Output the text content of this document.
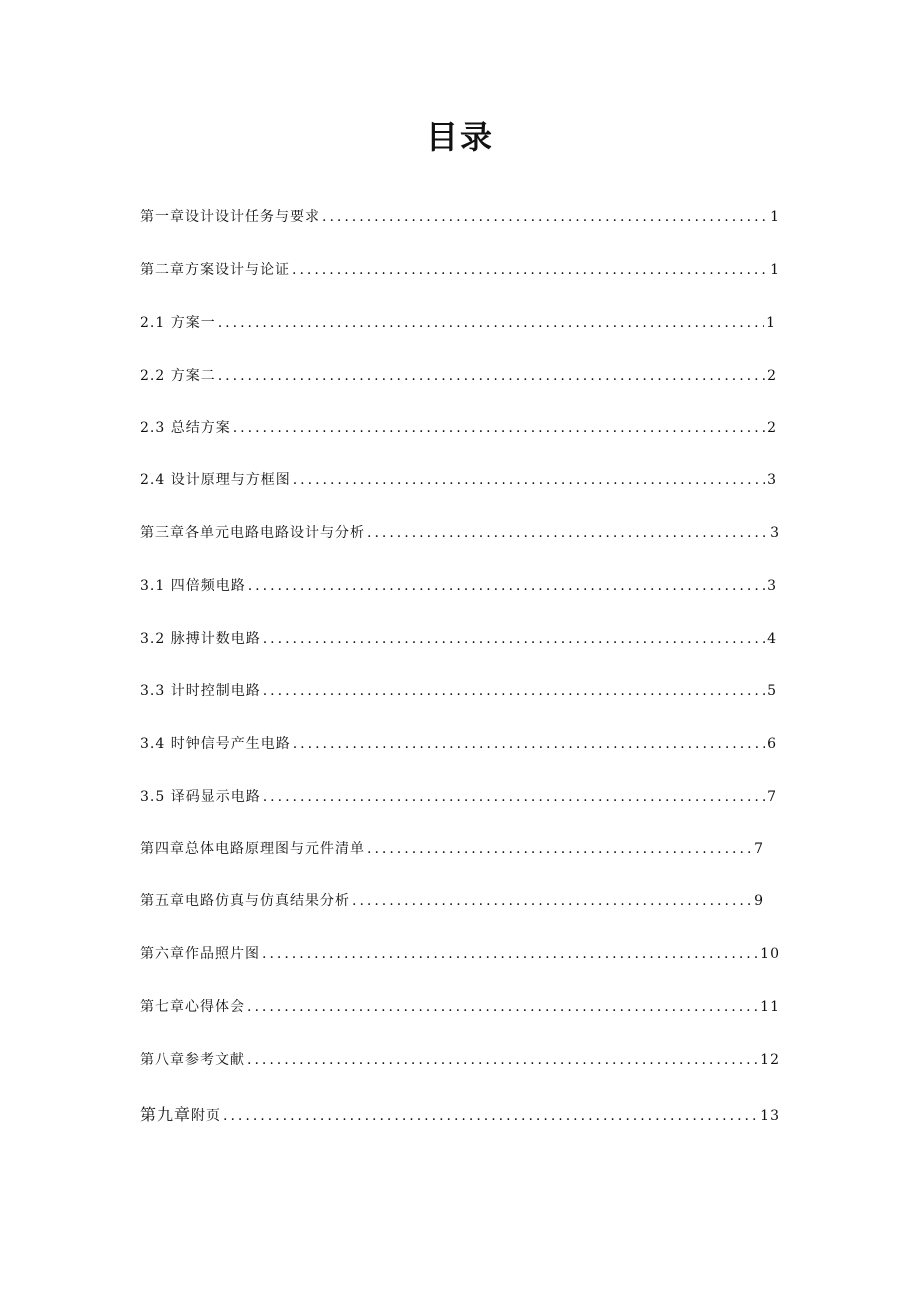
目录
第一章 设计设计任务与要求 .....	1
第二章 方案设计与论证 .....	1
2.1 方案一 .....	1
2.2 方案二 .....	2
2.3 总结方案 .....	2
2.4 设计原理与方框图 .....	3
第三章 各单元电路电路设计与分析 .....	3
3.1 四倍频电路 .....	3
3.2 脉搏计数电路 .....	4
3.3 计时控制电路 .....	5
3.4 时钟信号产生电路 .....	6
3.5 译码显示电路 .....	7
第四章 总体电路原理图与元件清单 .....	7
第五章 电路仿真与仿真结果分析 .....	9
第六章 作品照片图 .....	10
第七章 心得体会 .....	11
第八章 参考文献 .....	12
第九章 附页 .....	13
